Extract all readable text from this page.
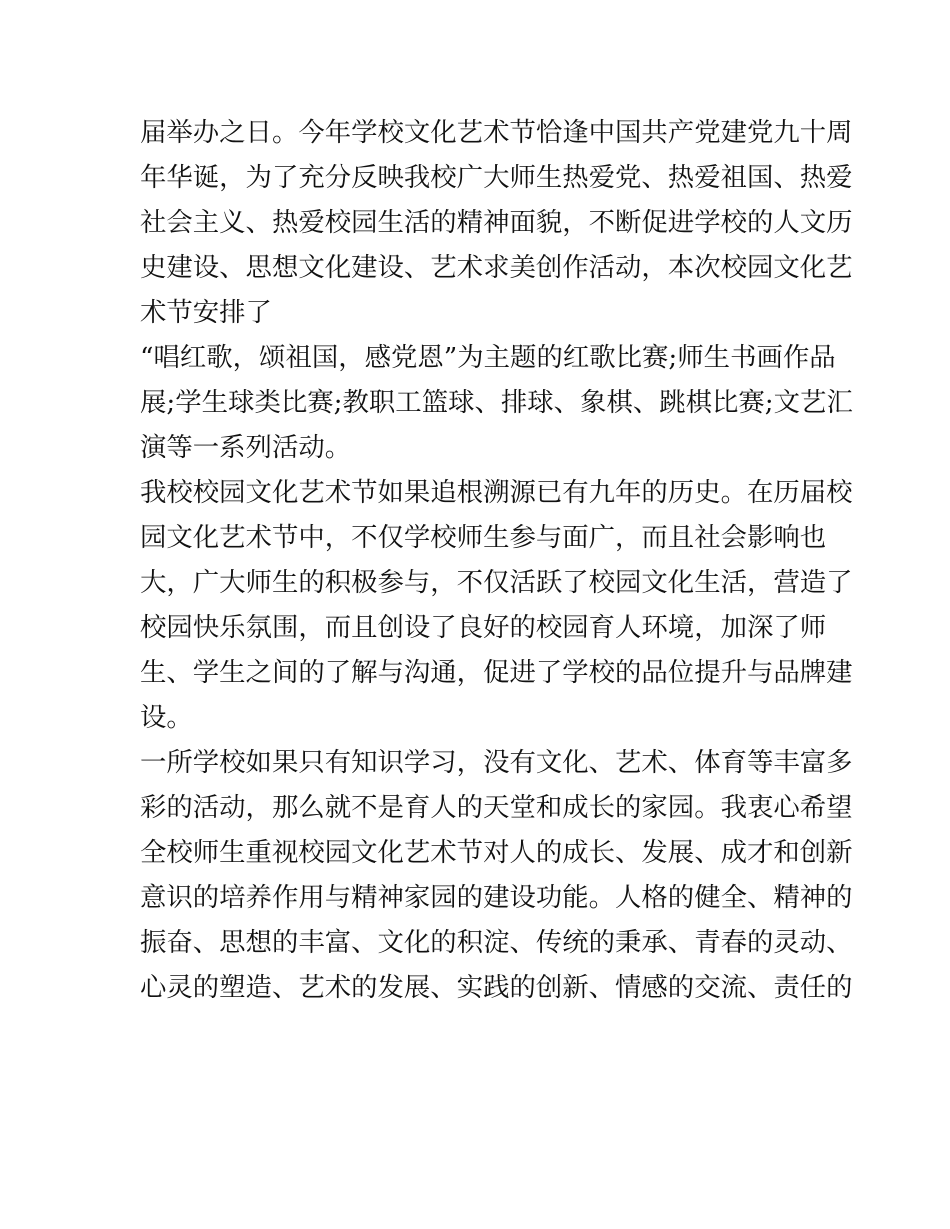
届举办之日。今年学校文化艺术节恰逢中国共产党建党九十周
年华诞，为了充分反映我校广大师生热爱党、热爱祖国、热爱
社会主义、热爱校园生活的精神面貌，不断促进学校的人文历
史建设、思想文化建设、艺术求美创作活动，本次校园文化艺
术节安排了

“唱红歌，颂祖国，感党恩”为主题的红歌比赛;师生书画作品
展;学生球类比赛;教职工篮球、排球、象棋、跳棋比赛;文艺汇
演等一系列活动。

我校校园文化艺术节如果追根溯源已有九年的历史。在历届校
园文化艺术节中，不仅学校师生参与面广，而且社会影响也
大，广大师生的积极参与，不仅活跃了校园文化生活，营造了
校园快乐氛围，而且创设了良好的校园育人环境，加深了师
生、学生之间的了解与沟通，促进了学校的品位提升与品牌建
设。

一所学校如果只有知识学习，没有文化、艺术、体育等丰富多
彩的活动，那么就不是育人的天堂和成长的家园。我衷心希望
全校师生重视校园文化艺术节对人的成长、发展、成才和创新
意识的培养作用与精神家园的建设功能。人格的健全、精神的
振奋、思想的丰富、文化的积淀、传统的秉承、青春的灵动、
心灵的塑造、艺术的发展、实践的创新、情感的交流、责任的
